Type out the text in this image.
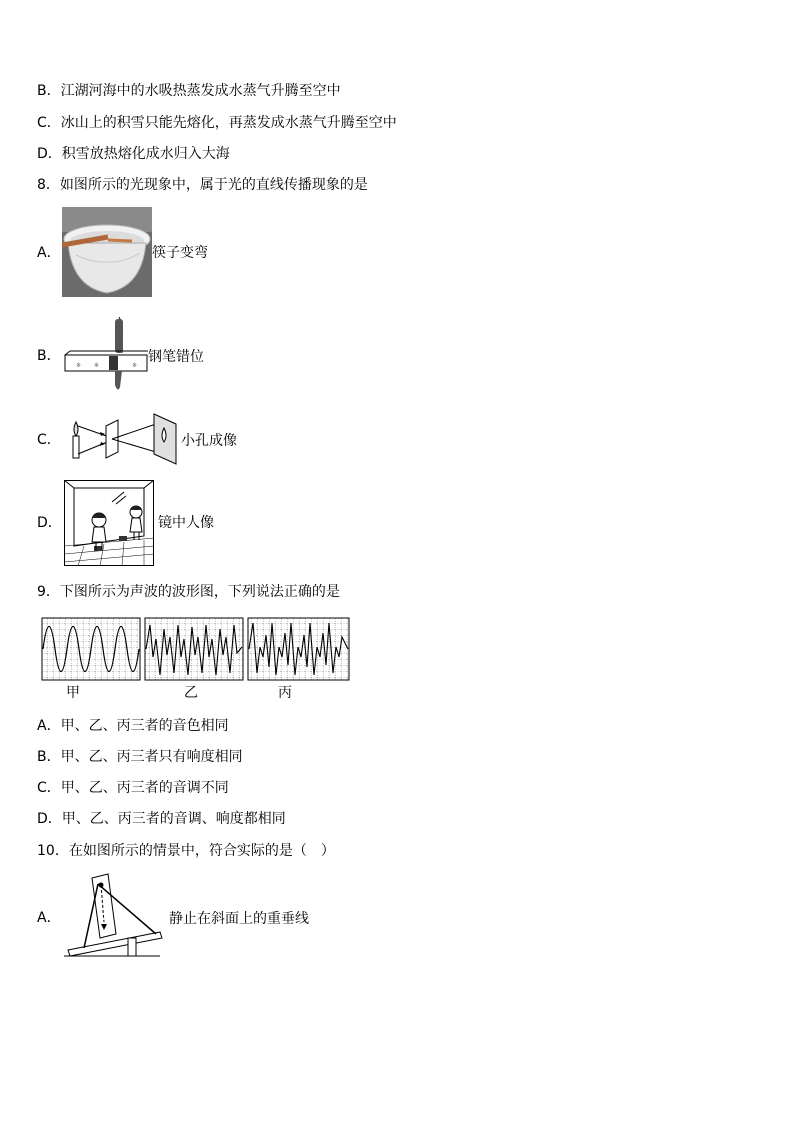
B．江湖河海中的水吸热蒸发成水蒸气升腾至空中
C．冰山上的积雪只能先熔化，再蒸发成水蒸气升腾至空中
D．积雪放热熔化成水归入大海
8．如图所示的光现象中，属于光的直线传播现象的是
A．	筷子变弯
B．
※ ※	※
钢笔错位
C．	小孔成像
D．	镜中人像
9．下图所示为声波的波形图，下列说法正确的是
甲	乙	丙
A．甲、乙、丙三者的音色相同
B．甲、乙、丙三者只有响度相同
C．甲、乙、丙三者的音调不同
D．甲、乙、丙三者的音调、响度都相同
10．在如图所示的情景中，符合实际的是（　）
A．	静止在斜面上的重垂线
